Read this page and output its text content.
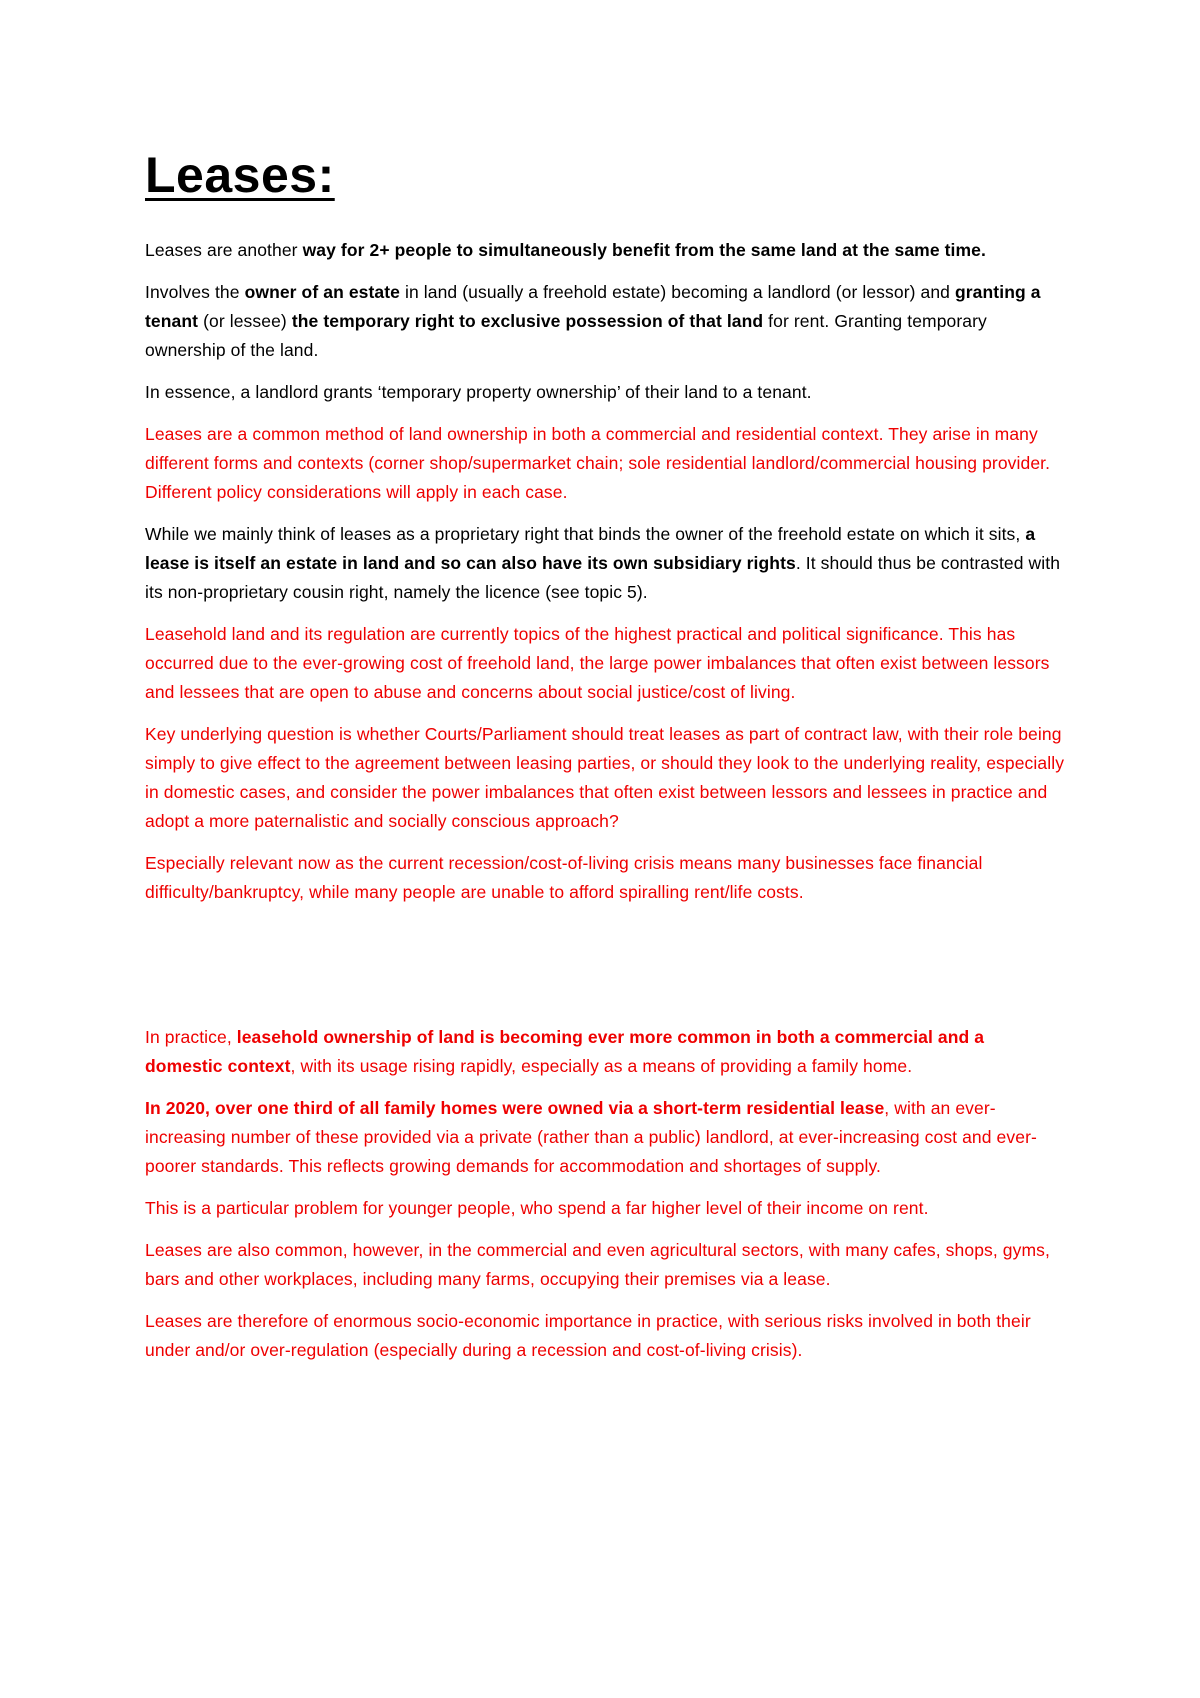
Leases:

Leases are another way for 2+ people to simultaneously benefit from the same land at the same time.

Involves the owner of an estate in land (usually a freehold estate) becoming a landlord (or lessor) and granting a tenant (or lessee) the temporary right to exclusive possession of that land for rent. Granting temporary ownership of the land.

In essence, a landlord grants ‘temporary property ownership’ of their land to a tenant.

Leases are a common method of land ownership in both a commercial and residential context. They arise in many different forms and contexts (corner shop/supermarket chain; sole residential landlord/commercial housing provider. Different policy considerations will apply in each case.

While we mainly think of leases as a proprietary right that binds the owner of the freehold estate on which it sits, a lease is itself an estate in land and so can also have its own subsidiary rights. It should thus be contrasted with its non-proprietary cousin right, namely the licence (see topic 5).

Leasehold land and its regulation are currently topics of the highest practical and political significance. This has occurred due to the ever-growing cost of freehold land, the large power imbalances that often exist between lessors and lessees that are open to abuse and concerns about social justice/cost of living.

Key underlying question is whether Courts/Parliament should treat leases as part of contract law, with their role being simply to give effect to the agreement between leasing parties, or should they look to the underlying reality, especially in domestic cases, and consider the power imbalances that often exist between lessors and lessees in practice and adopt a more paternalistic and socially conscious approach?

Especially relevant now as the current recession/cost-of-living crisis means many businesses face financial difficulty/bankruptcy, while many people are unable to afford spiralling rent/life costs.

In practice, leasehold ownership of land is becoming ever more common in both a commercial and a domestic context, with its usage rising rapidly, especially as a means of providing a family home.

In 2020, over one third of all family homes were owned via a short-term residential lease, with an ever-increasing number of these provided via a private (rather than a public) landlord, at ever-increasing cost and ever-poorer standards. This reflects growing demands for accommodation and shortages of supply.

This is a particular problem for younger people, who spend a far higher level of their income on rent.

Leases are also common, however, in the commercial and even agricultural sectors, with many cafes, shops, gyms, bars and other workplaces, including many farms, occupying their premises via a lease.

Leases are therefore of enormous socio-economic importance in practice, with serious risks involved in both their under and/or over-regulation (especially during a recession and cost-of-living crisis).
